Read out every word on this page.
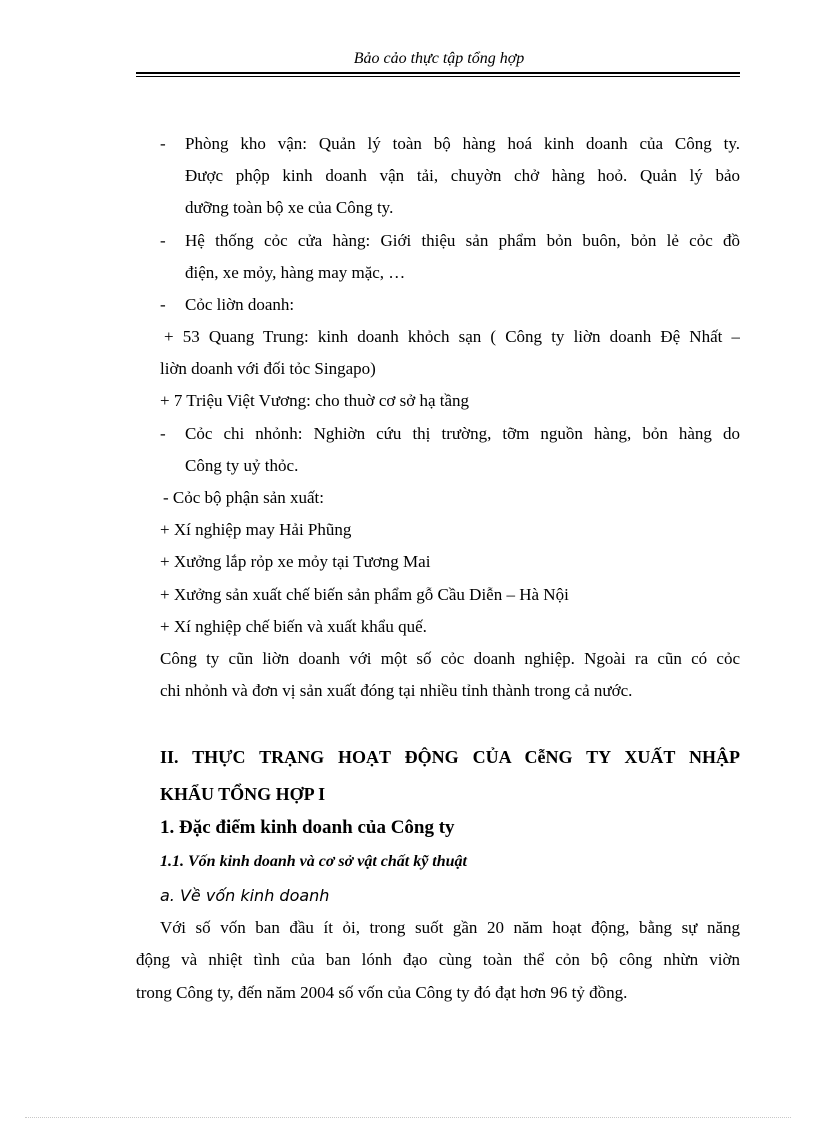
Bảo cảo thực tập tổng hợp
- Phòng kho vận: Quản lý toàn bộ hàng hoá kinh doanh của Công ty.
Được phộp kinh doanh vận tải, chuyờn chở hàng hoỏ. Quản lý bảo
dưỡng toàn bộ xe của Công ty.
- Hệ thống cỏc cửa hàng: Giới thiệu sản phẩm bỏn buôn, bỏn lẻ cỏc đồ
điện, xe mỏy, hàng may mặc, …
- Cỏc liờn doanh:
+ 53 Quang Trung: kinh doanh khỏch sạn ( Công ty liờn doanh Đệ Nhất –
liờn doanh với đối tỏc Singapo)
+ 7 Triệu Việt Vương: cho thuờ cơ sở hạ tầng
- Cỏc chi nhỏnh: Nghiờn cứu thị trường, tỡm nguồn hàng, bỏn hàng do
Công ty uỷ thỏc.
- Cỏc bộ phận sản xuất:
+ Xí nghiệp may Hải Phũng
+ Xưởng lắp rỏp xe mỏy tại Tương Mai
+ Xưởng sản xuất chế biến sản phẩm gỗ Cầu Diễn – Hà Nội
+ Xí nghiệp chế biến và xuất khẩu quế.
Công ty cũn liờn doanh với một số cỏc doanh nghiệp. Ngoài ra cũn có cỏc
chi nhỏnh và đơn vị sản xuất đóng tại nhiều tỉnh thành trong cả nước.
II. THỰC TRẠNG HOẠT ĐỘNG CỦA CễNG TY XUẤT NHẬP
KHẨU TỔNG HỢP I
1. Đặc điểm kinh doanh của Công ty
1.1. Vốn kinh doanh và cơ sở vật chất kỹ thuật
a. Về vốn kinh doanh
Với số vốn ban đầu ít ỏi, trong suốt gần 20 năm hoạt động, bằng sự năng
động và nhiệt tình của ban lónh đạo cùng toàn thể cỏn bộ công nhừn viờn
trong Công ty, đến năm 2004 số vốn của Công ty đó đạt hơn 96 tỷ đồng.
